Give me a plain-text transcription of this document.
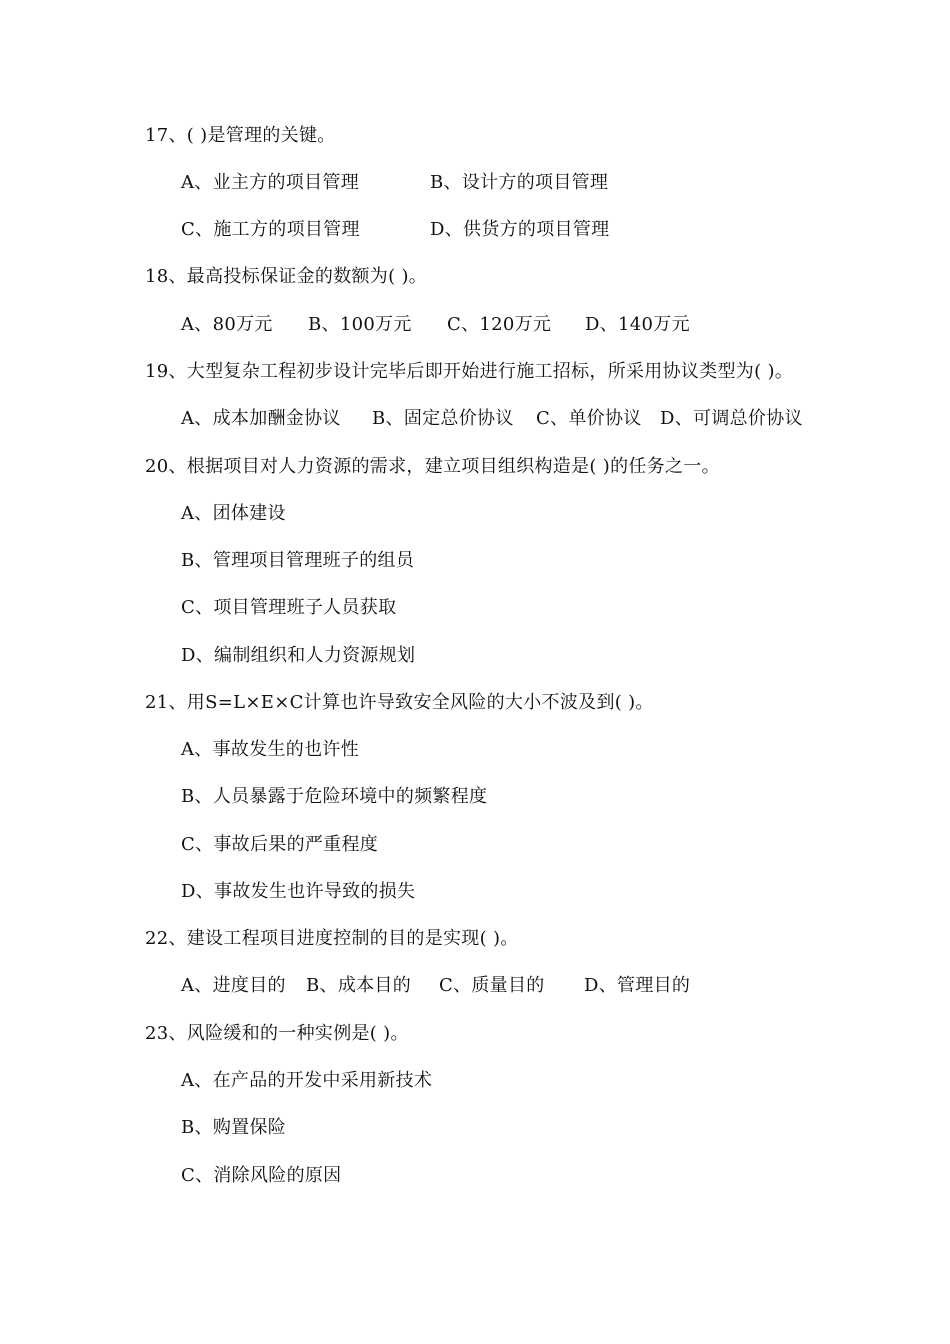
17、( )是管理的关键。
A、业主方的项目管理	B、设计方的项目管理
C、施工方的项目管理	D、供货方的项目管理
18、最高投标保证金的数额为( )。
A、80万元 B、100万元 C、120万元 D、140万元
19、大型复杂工程初步设计完毕后即开始进行施工招标，所采用协议类型为( )。
A、成本加酬金协议 B、固定总价协议 C、单价协议 D、可调总价协议
20、根据项目对人力资源的需求，建立项目组织构造是( )的任务之一。
A、团体建设
B、管理项目管理班子的组员
C、项目管理班子人员获取
D、编制组织和人力资源规划
21、用S=L×E×C计算也许导致安全风险的大小不波及到( )。
A、事故发生的也许性
B、人员暴露于危险环境中的频繁程度
C、事故后果的严重程度
D、事故发生也许导致的损失
22、建设工程项目进度控制的目的是实现( )。
A、进度目的 B、成本目的 C、质量目的 D、管理目的
23、风险缓和的一种实例是( )。
A、在产品的开发中采用新技术
B、购置保险
C、消除风险的原因
